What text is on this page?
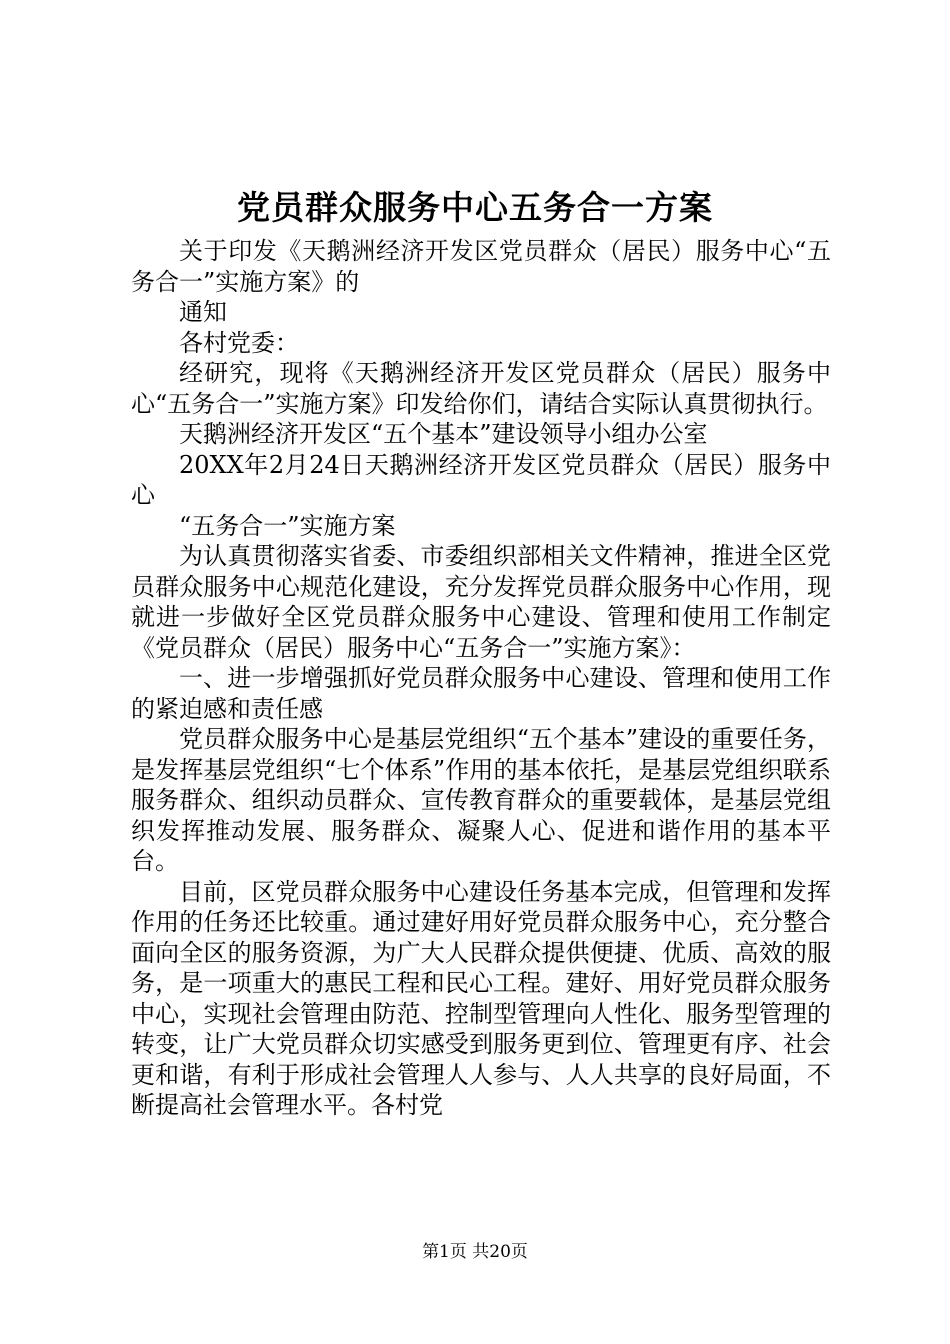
党员群众服务中心五务合一方案

关于印发《天鹅洲经济开发区党员群众（居民）服务中心“五务合一”实施方案》的

通知

各村党委：

经研究，现将《天鹅洲经济开发区党员群众（居民）服务中心“五务合一”实施方案》印发给你们，请结合实际认真贯彻执行。

天鹅洲经济开发区“五个基本”建设领导小组办公室

20XX年2月24日天鹅洲经济开发区党员群众（居民）服务中心

“五务合一”实施方案

为认真贯彻落实省委、市委组织部相关文件精神，推进全区党员群众服务中心规范化建设，充分发挥党员群众服务中心作用，现就进一步做好全区党员群众服务中心建设、管理和使用工作制定《党员群众（居民）服务中心“五务合一”实施方案》：

一、进一步增强抓好党员群众服务中心建设、管理和使用工作的紧迫感和责任感

党员群众服务中心是基层党组织“五个基本”建设的重要任务，是发挥基层党组织“七个体系”作用的基本依托，是基层党组织联系服务群众、组织动员群众、宣传教育群众的重要载体，是基层党组织发挥推动发展、服务群众、凝聚人心、促进和谐作用的基本平台。

目前，区党员群众服务中心建设任务基本完成，但管理和发挥作用的任务还比较重。通过建好用好党员群众服务中心，充分整合面向全区的服务资源，为广大人民群众提供便捷、优质、高效的服务，是一项重大的惠民工程和民心工程。建好、用好党员群众服务中心，实现社会管理由防范、控制型管理向人性化、服务型管理的转变，让广大党员群众切实感受到服务更到位、管理更有序、社会更和谐，有利于形成社会管理人人参与、人人共享的良好局面，不断提高社会管理水平。各村党

第1页 共20页
